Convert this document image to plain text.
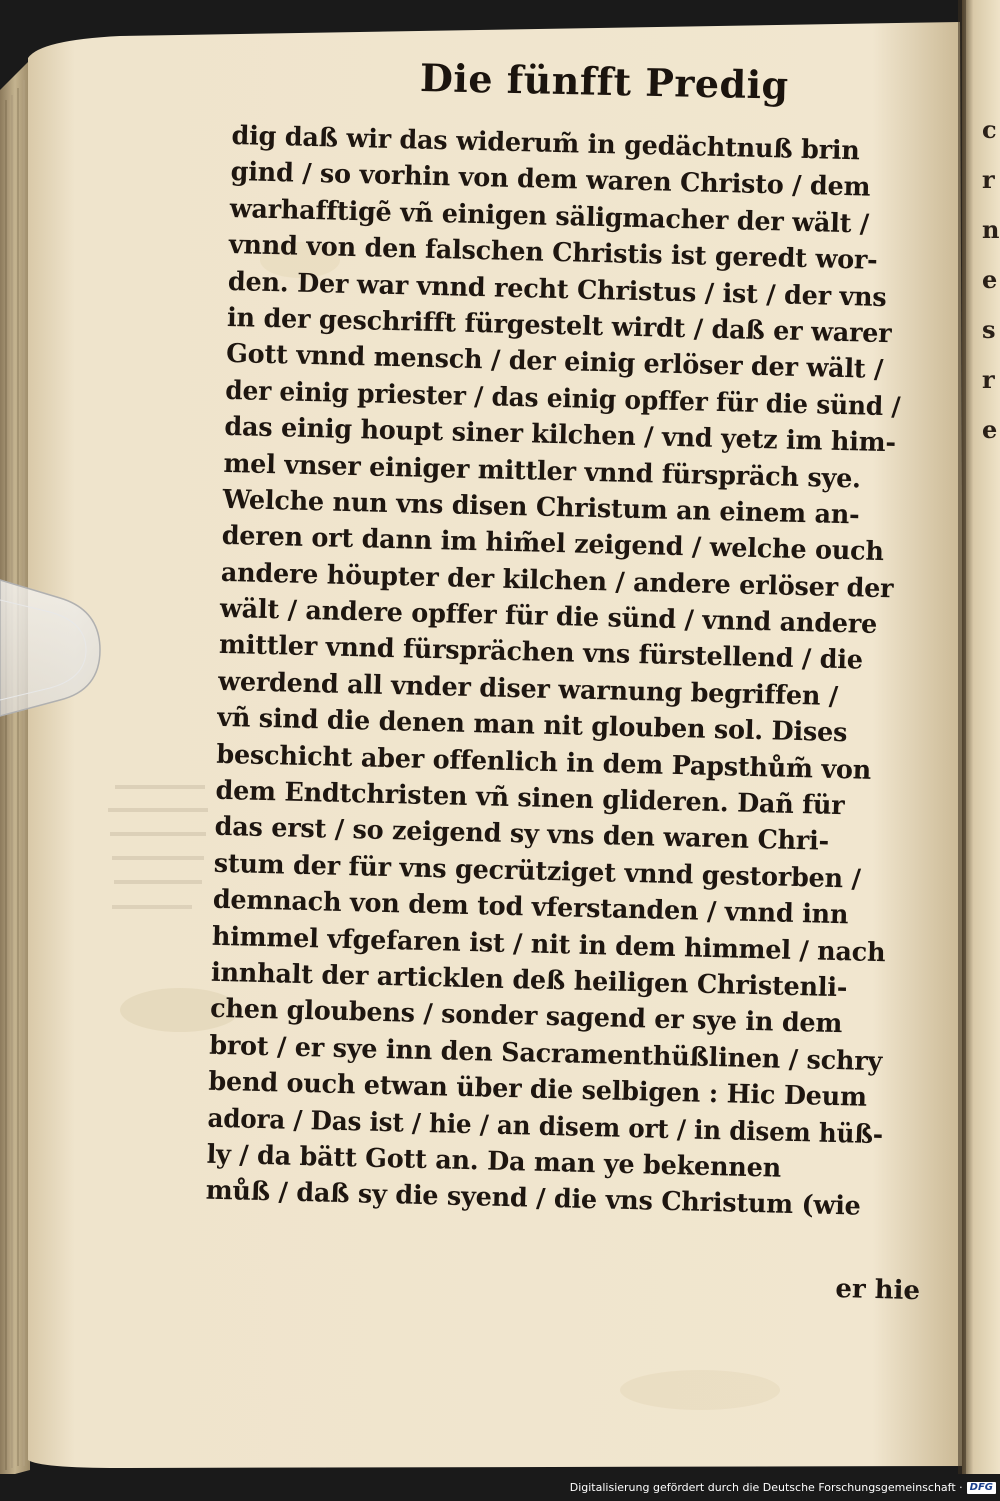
Die fünfft Predig
dig daß wir das widerum̃ in gedächtnuß brin
gind / so vorhin von dem waren Christo / dem
warhafftigẽ vñ einigen säligmacher der wält /
vnnd von den falschen Christis ist geredt wor-
den. Der war vnnd recht Christus / ist / der vns
in der geschrifft fürgestelt wirdt / daß er warer
Gott vnnd mensch / der einig erlöser der wält /
der einig priester / das einig opffer für die sünd /
das einig houpt siner kilchen / vnd yetz im him-
mel vnser einiger mittler vnnd fürspräch sye.
Welche nun vns disen Christum an einem an-
deren ort dann im him̃el zeigend / welche ouch
andere höupter der kilchen / andere erlöser der
wält / andere opffer für die sünd / vnnd andere
mittler vnnd fürsprächen vns fürstellend / die
werdend all vnder diser warnung begriffen /
vñ sind die denen man nit glouben sol. Dises
beschicht aber offenlich in dem Papsthům̃ von
dem Endtchristen vñ sinen glideren. Dañ für
das erst / so zeigend sy vns den waren Chri-
stum der für vns gecrütziget vnnd gestorben /
demnach von dem tod vferstanden / vnnd inn
himmel vfgefaren ist / nit in dem himmel / nach
innhalt der articklen deß heiligen Christenli-
chen gloubens / sonder sagend er sye in dem
brot / er sye inn den Sacramenthüßlinen / schry
bend ouch etwan über die selbigen : Hic Deum
adora / Das ist / hie / an disem ort / in disem hüß-
ly / da bätt Gott an. Da man ye bekennen
můß / daß sy die syend / die vns Christum (wie
er hie
c
r
n
e
s
r
e
Digitalisierung gefördert durch die Deutsche Forschungsgemeinschaft · DFG
